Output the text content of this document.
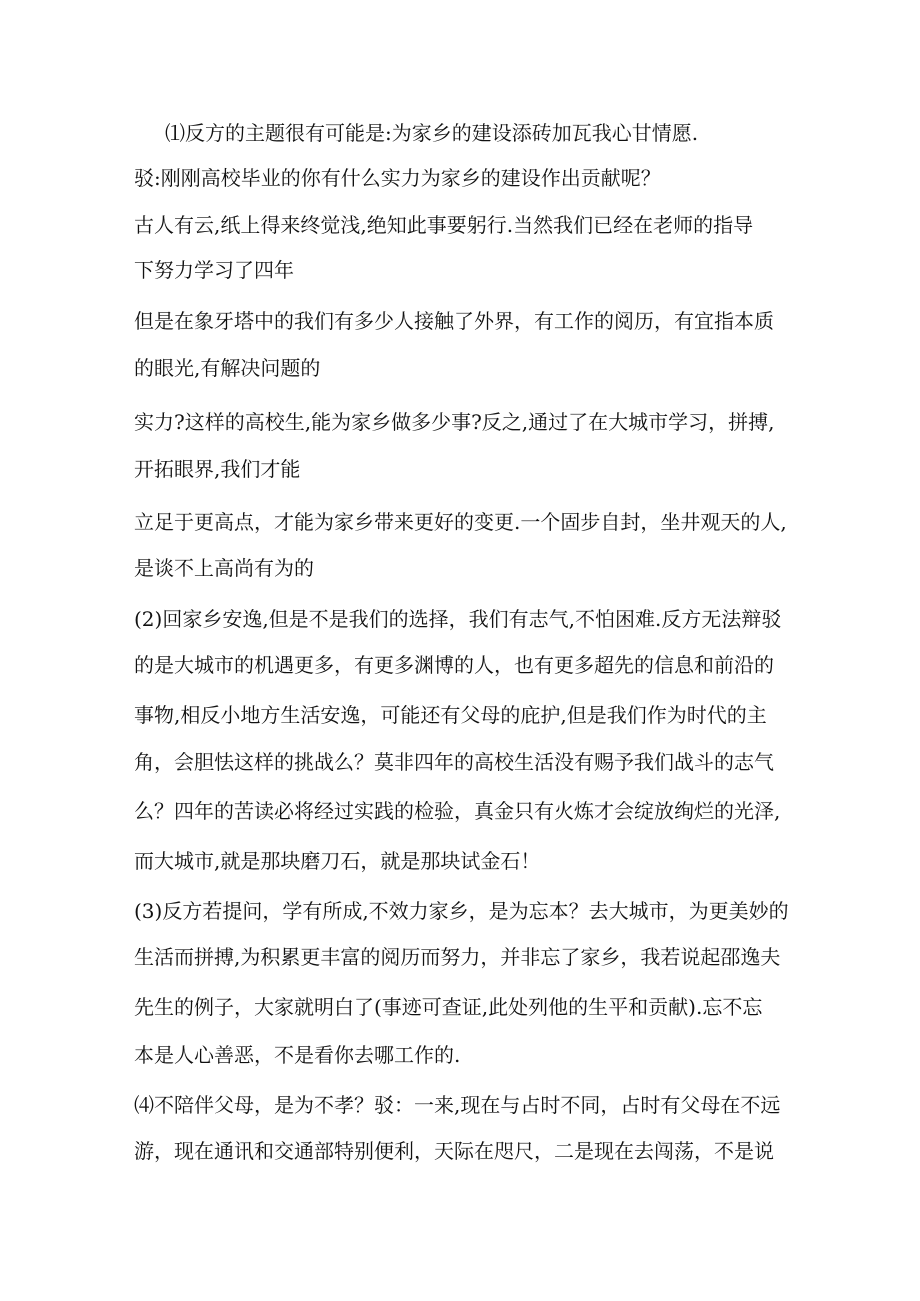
⑴反方的主题很有可能是:为家乡的建设添砖加瓦我心甘情愿.
驳:刚刚高校毕业的你有什么实力为家乡的建设作出贡献呢？
古人有云,纸上得来终觉浅,绝知此事要躬行.当然我们已经在老师的指导
下努力学习了四年
但是在象牙塔中的我们有多少人接触了外界，有工作的阅历，有宜指本质
的眼光,有解决问题的
实力?这样的高校生,能为家乡做多少事?反之,通过了在大城市学习，拼搏,
开拓眼界,我们才能
立足于更高点，才能为家乡带来更好的变更.一个固步自封，坐井观天的人,
是谈不上高尚有为的
(2)回家乡安逸,但是不是我们的选择，我们有志气,不怕困难.反方无法辩驳
的是大城市的机遇更多，有更多渊博的人，也有更多超先的信息和前沿的
事物,相反小地方生活安逸，可能还有父母的庇护,但是我们作为时代的主
角，会胆怯这样的挑战么？莫非四年的高校生活没有赐予我们战斗的志气
么？四年的苦读必将经过实践的检验，真金只有火炼才会绽放绚烂的光泽,
而大城市,就是那块磨刀石，就是那块试金石！
(3)反方若提问，学有所成,不效力家乡，是为忘本？去大城市，为更美妙的
生活而拼搏,为积累更丰富的阅历而努力，并非忘了家乡，我若说起邵逸夫
先生的例子，大家就明白了(事迹可查证,此处列他的生平和贡献).忘不忘
本是人心善恶，不是看你去哪工作的.
⑷不陪伴父母，是为不孝？驳：一来,现在与占时不同，占时有父母在不远
游，现在通讯和交通部特别便利，天际在咫尺，二是现在去闯荡，不是说
